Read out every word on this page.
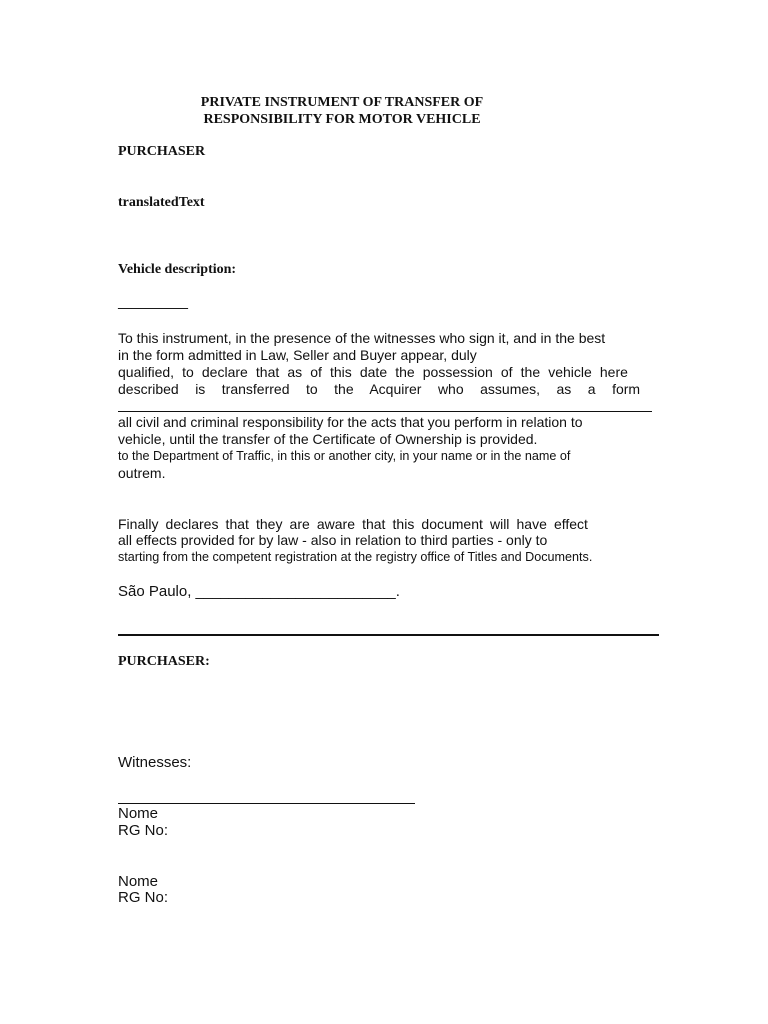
PRIVATE INSTRUMENT OF TRANSFER OF
RESPONSIBILITY FOR MOTOR VEHICLE
PURCHASER
translatedText
Vehicle description:
__________
To this instrument, in the presence of the witnesses who sign it, and in the best
in the form admitted in Law, Seller and Buyer appear, duly
qualified, to declare that as of this date the possession of the vehicle here
described is transferred to the Acquirer who assumes, as a form
all civil and criminal responsibility for the acts that you perform in relation to
vehicle, until the transfer of the Certificate of Ownership is provided.
to the Department of Traffic, in this or another city, in your name or in the name of
outrem.
Finally declares that they are aware that this document will have effect
all effects provided for by law - also in relation to third parties - only to
starting from the competent registration at the registry office of Titles and Documents.
São Paulo, ________________________.
PURCHASER:
Witnesses:
Nome
RG No:
Nome
RG No:
